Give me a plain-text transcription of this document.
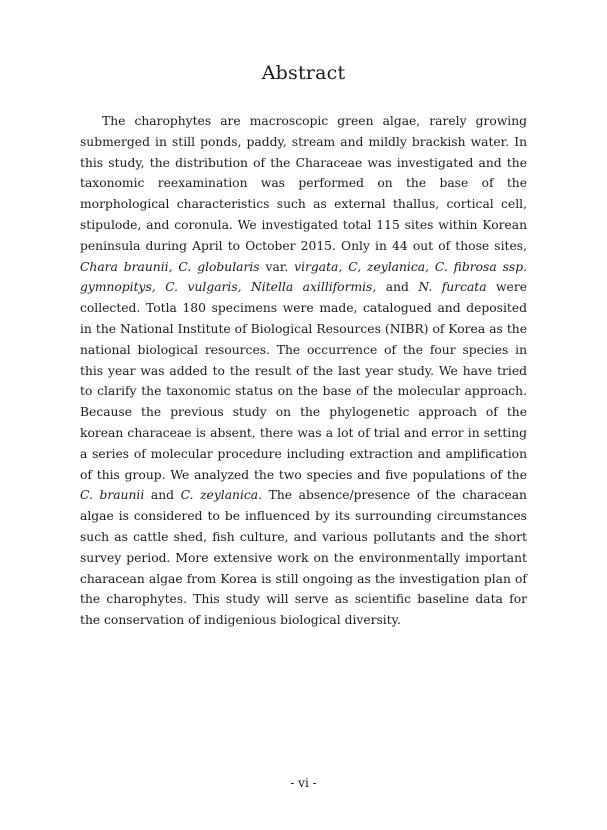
Abstract

The charophytes are macroscopic green algae, rarely growing submerged in still ponds, paddy, stream and mildly brackish water. In this study, the distribution of the Characeae was investigated and the taxonomic reexamination was performed on the base of the morphological characteristics such as external thallus, cortical cell, stipulode, and coronula. We investigated total 115 sites within Korean peninsula during April to October 2015. Only in 44 out of those sites, Chara braunii, C. globularis var. virgata, C, zeylanica, C. fibrosa ssp. gymnopitys, C. vulgaris, Nitella axilliformis, and N. furcata were collected. Totla 180 specimens were made, catalogued and deposited in the National Institute of Biological Resources (NIBR) of Korea as the national biological resources. The occurrence of the four species in this year was added to the result of the last year study. We have tried to clarify the taxonomic status on the base of the molecular approach. Because the previous study on the phylogenetic approach of the korean characeae is absent, there was a lot of trial and error in setting a series of molecular procedure including extraction and amplification of this group. We analyzed the two species and five populations of the C. braunii and C. zeylanica. The absence/presence of the characean algae is considered to be influenced by its surrounding circumstances such as cattle shed, fish culture, and various pollutants and the short survey period. More extensive work on the environmentally important characean algae from Korea is still ongoing as the investigation plan of the charophytes. This study will serve as scientific baseline data for the conservation of indigenious biological diversity.

- vi -
